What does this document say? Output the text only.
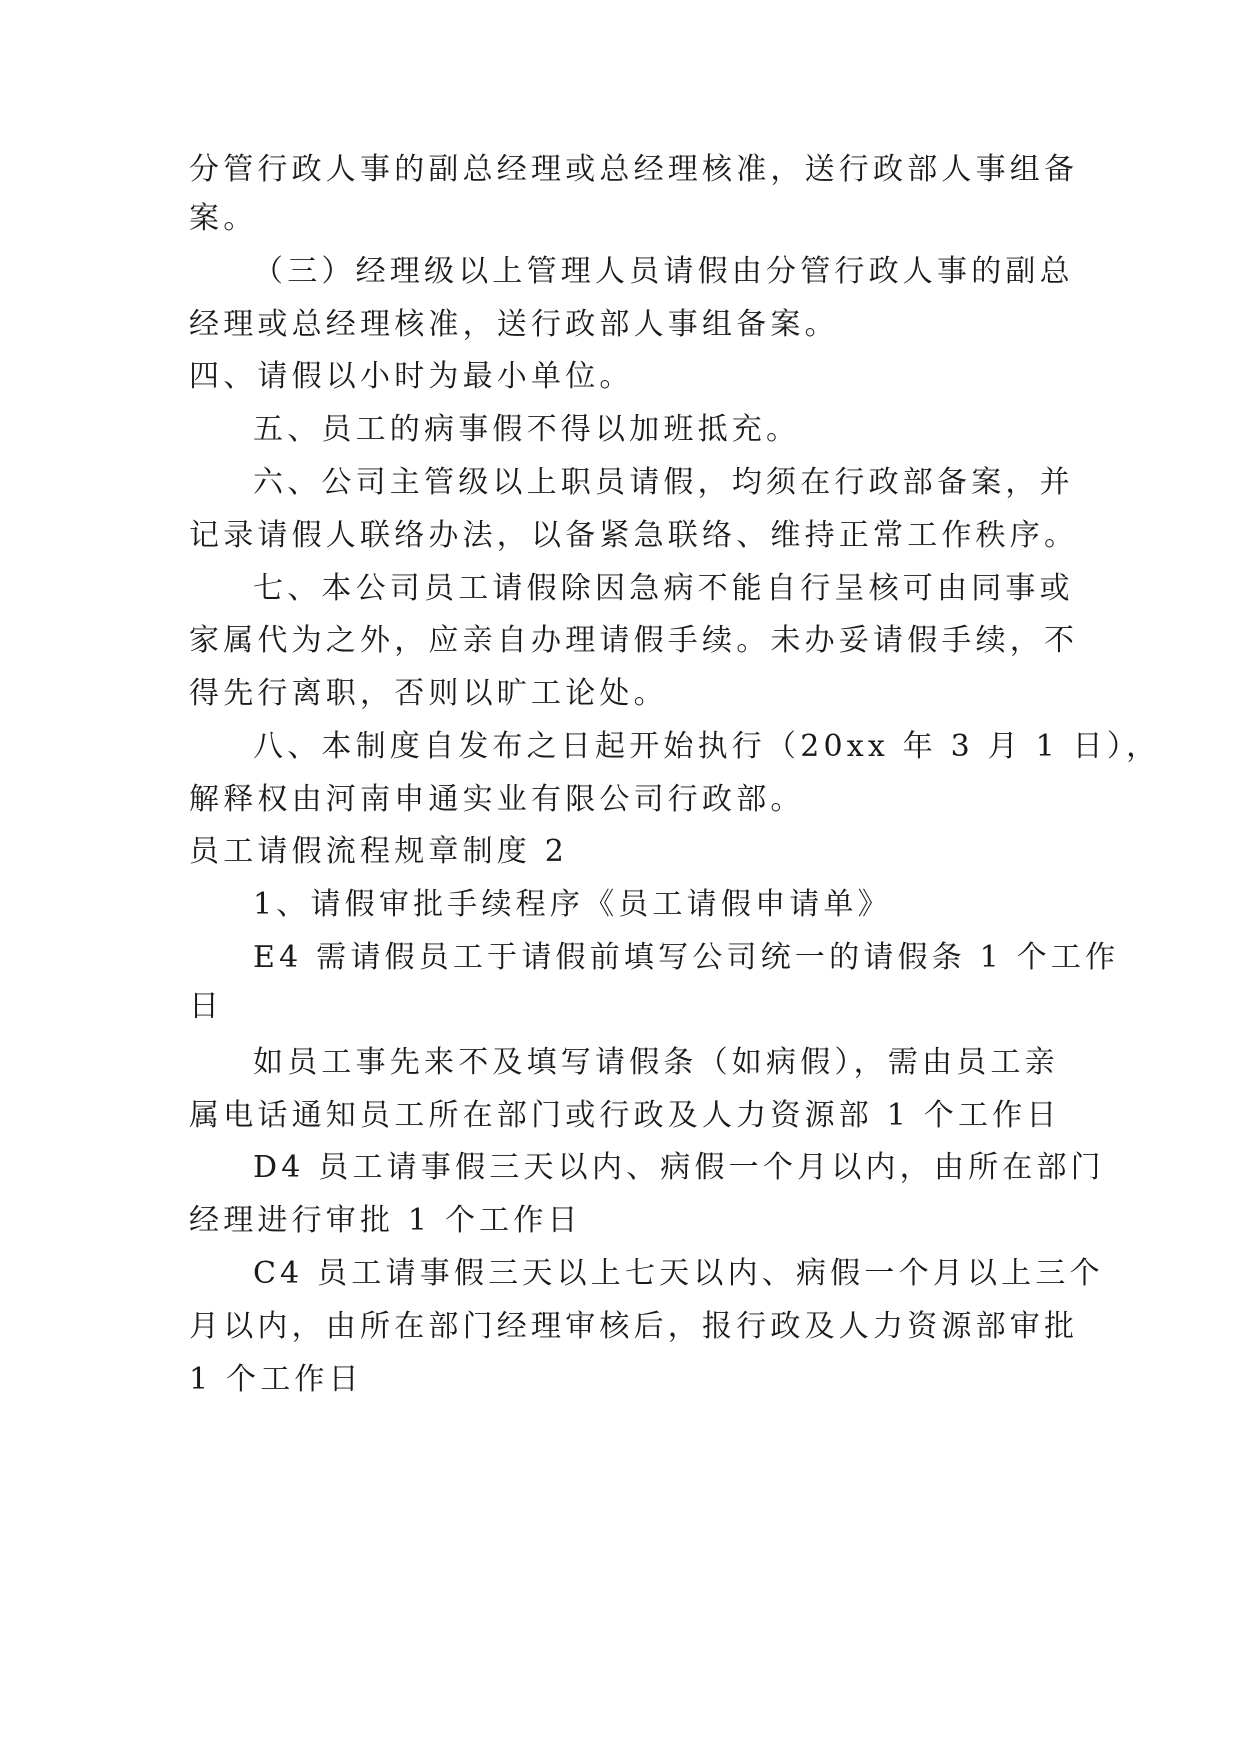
分管行政人事的副总经理或总经理核准，送行政部人事组备
案。
（三）经理级以上管理人员请假由分管行政人事的副总
经理或总经理核准，送行政部人事组备案。
四、请假以小时为最小单位。
五、员工的病事假不得以加班抵充。
六、公司主管级以上职员请假，均须在行政部备案，并
记录请假人联络办法，以备紧急联络、维持正常工作秩序。
七、本公司员工请假除因急病不能自行呈核可由同事或
家属代为之外，应亲自办理请假手续。未办妥请假手续，不
得先行离职，否则以旷工论处。
八、本制度自发布之日起开始执行（20xx 年 3 月 1 日），
解释权由河南申通实业有限公司行政部。
员工请假流程规章制度 2
1、请假审批手续程序《员工请假申请单》
E4 需请假员工于请假前填写公司统一的请假条 1 个工作
日
如员工事先来不及填写请假条（如病假），需由员工亲
属电话通知员工所在部门或行政及人力资源部 1 个工作日
D4 员工请事假三天以内、病假一个月以内，由所在部门
经理进行审批 1 个工作日
C4 员工请事假三天以上七天以内、病假一个月以上三个
月以内，由所在部门经理审核后，报行政及人力资源部审批
1 个工作日
